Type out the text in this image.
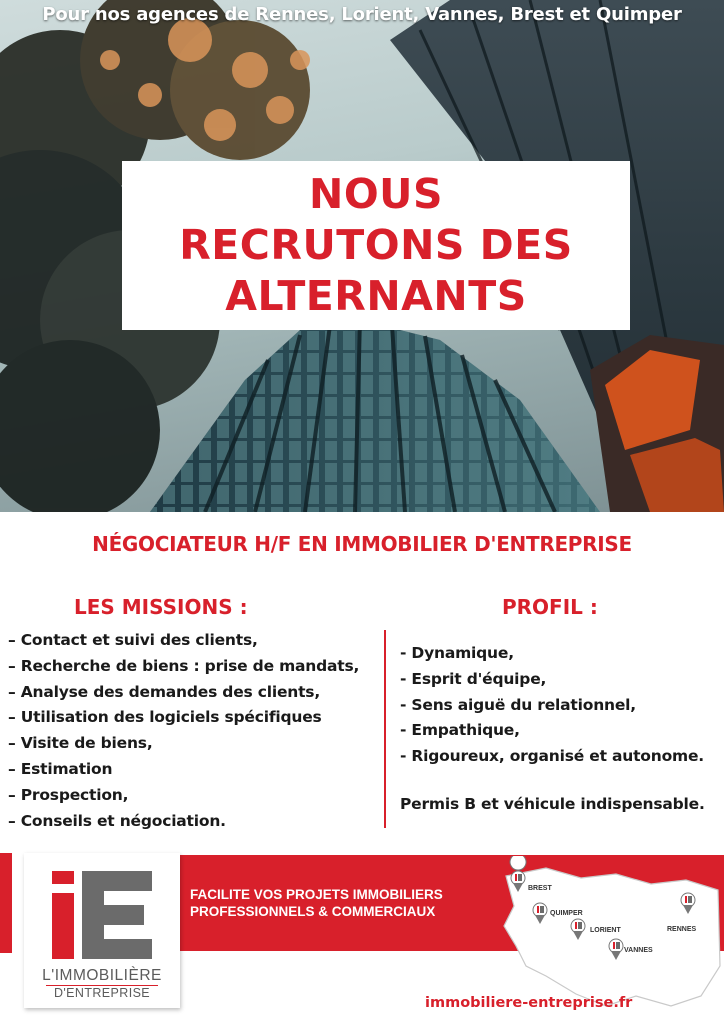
Pour nos agences de Rennes, Lorient, Vannes, Brest et Quimper
NOUS
RECRUTONS DES
ALTERNANTS
NÉGOCIATEUR H/F EN IMMOBILIER D'ENTREPRISE
LES MISSIONS :
– Contact et suivi des clients,
– Recherche de biens : prise de mandats,
– Analyse des demandes des clients,
– Utilisation des logiciels spécifiques
– Visite de biens,
– Estimation
– Prospection,
– Conseils et négociation.
PROFIL :
- Dynamique,
- Esprit d'équipe,
- Sens aiguë du relationnel,
- Empathique,
- Rigoureux, organisé et autonome.
Permis B et véhicule indispensable.
FACILITE VOS PROJETS IMMOBILIERS
PROFESSIONNELS & COMMERCIAUX
L'IMMOBILIÈRE
D'ENTREPRISE
BREST
QUIMPER
LORIENT
VANNES
RENNES
immobiliere-entreprise.fr
